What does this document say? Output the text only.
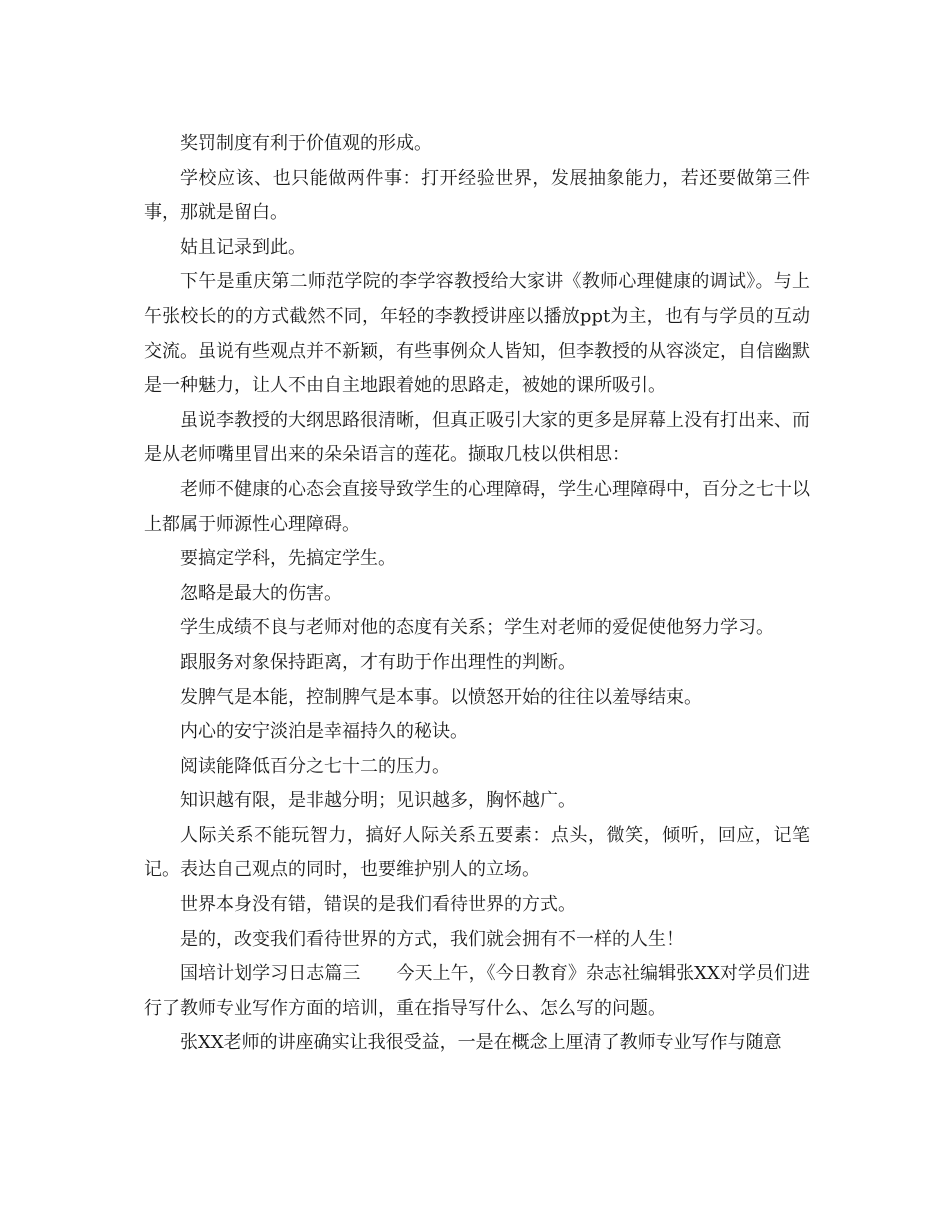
奖罚制度有利于价值观的形成。

学校应该、也只能做两件事：打开经验世界，发展抽象能力，若还要做第三件事，那就是留白。

姑且记录到此。

下午是重庆第二师范学院的李学容教授给大家讲《教师心理健康的调试》。与上午张校长的的方式截然不同，年轻的李教授讲座以播放ppt为主，也有与学员的互动交流。虽说有些观点并不新颖，有些事例众人皆知，但李教授的从容淡定，自信幽默是一种魅力，让人不由自主地跟着她的思路走，被她的课所吸引。

虽说李教授的大纲思路很清晰，但真正吸引大家的更多是屏幕上没有打出来、而是从老师嘴里冒出来的朵朵语言的莲花。撷取几枝以供相思：

老师不健康的心态会直接导致学生的心理障碍，学生心理障碍中，百分之七十以上都属于师源性心理障碍。

要搞定学科，先搞定学生。

忽略是最大的伤害。

学生成绩不良与老师对他的态度有关系；学生对老师的爱促使他努力学习。

跟服务对象保持距离，才有助于作出理性的判断。

发脾气是本能，控制脾气是本事。以愤怒开始的往往以羞辱结束。

内心的安宁淡泊是幸福持久的秘诀。

阅读能降低百分之七十二的压力。

知识越有限，是非越分明；见识越多，胸怀越广。

人际关系不能玩智力，搞好人际关系五要素：点头，微笑，倾听，回应，记笔记。表达自己观点的同时，也要维护别人的立场。

世界本身没有错，错误的是我们看待世界的方式。

是的，改变我们看待世界的方式，我们就会拥有不一样的人生！

国培计划学习日志篇三　　今天上午，《今日教育》杂志社编辑张XX对学员们进行了教师专业写作方面的培训，重在指导写什么、怎么写的问题。

张XX老师的讲座确实让我很受益，一是在概念上厘清了教师专业写作与随意
